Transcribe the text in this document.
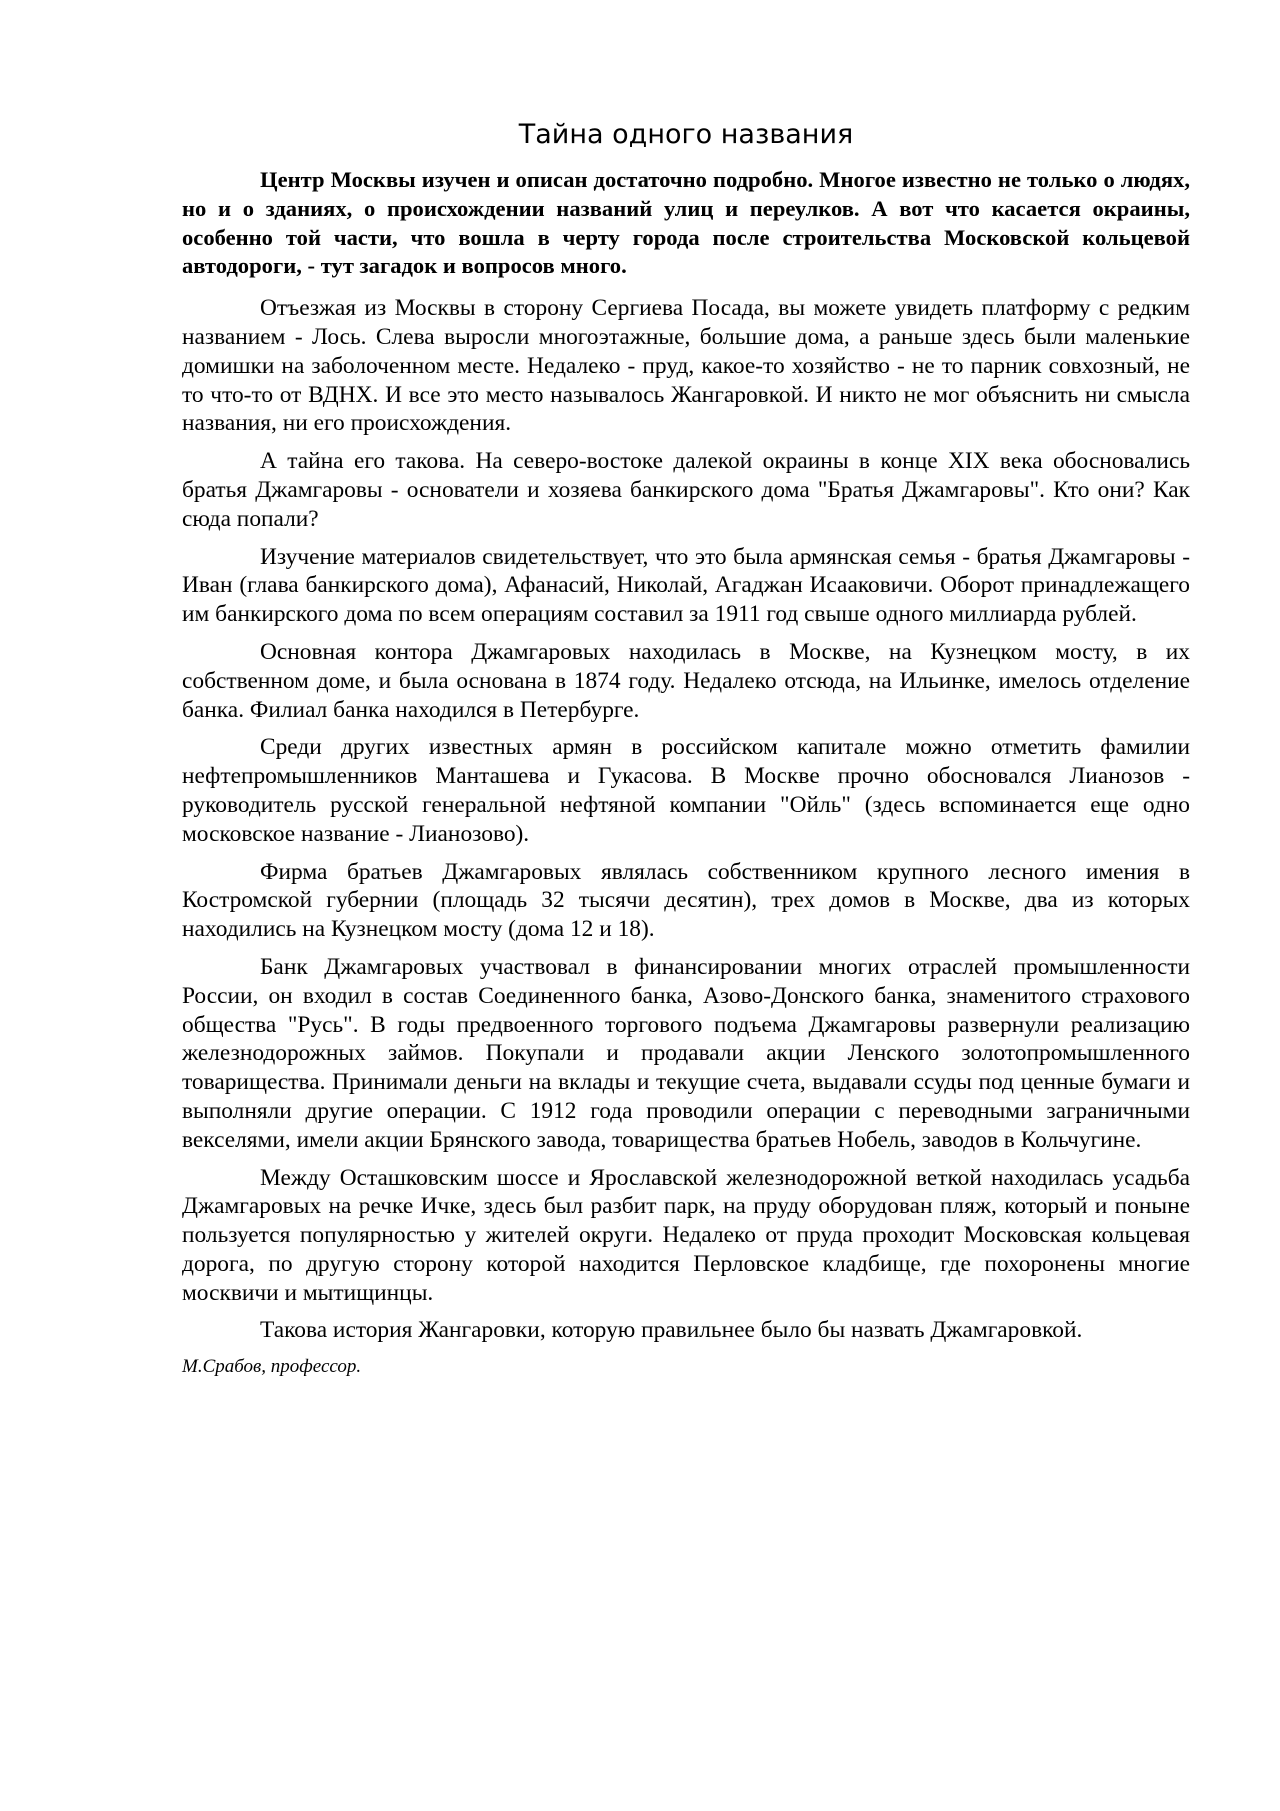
Тайна одного названия

Центр Москвы изучен и описан достаточно подробно. Многое известно не только о людях, но и о зданиях, о происхождении названий улиц и переулков. А вот что касается окраины, особенно той части, что вошла в черту города после строительства Московской кольцевой автодороги, - тут загадок и вопросов много.

Отъезжая из Москвы в сторону Сергиева Посада, вы можете увидеть платформу с редким названием - Лось. Слева выросли многоэтажные, большие дома, а раньше здесь были маленькие домишки на заболоченном месте. Недалеко - пруд, какое-то хозяйство - не то парник совхозный, не то что-то от ВДНХ. И все это место называлось Жангаровкой. И никто не мог объяснить ни смысла названия, ни его происхождения.

А тайна его такова. На северо-востоке далекой окраины в конце XIX века обосновались братья Джамгаровы - основатели и хозяева банкирского дома "Братья Джамгаровы". Кто они? Как сюда попали?

Изучение материалов свидетельствует, что это была армянская семья - братья Джамгаровы - Иван (глава банкирского дома), Афанасий, Николай, Агаджан Исааковичи. Оборот принадлежащего им банкирского дома по всем операциям составил за 1911 год свыше одного миллиарда рублей.

Основная контора Джамгаровых находилась в Москве, на Кузнецком мосту, в их собственном доме, и была основана в 1874 году. Недалеко отсюда, на Ильинке, имелось отделение банка. Филиал банка находился в Петербурге.

Среди других известных армян в российском капитале можно отметить фамилии нефтепромышленников Манташева и Гукасова. В Москве прочно обосновался Лианозов - руководитель русской генеральной нефтяной компании "Ойль" (здесь вспоминается еще одно московское название - Лианозово).

Фирма братьев Джамгаровых являлась собственником крупного лесного имения в Костромской губернии (площадь 32 тысячи десятин), трех домов в Москве, два из которых находились на Кузнецком мосту (дома 12 и 18).

Банк Джамгаровых участвовал в финансировании многих отраслей промышленности России, он входил в состав Соединенного банка, Азово-Донского банка, знаменитого страхового общества "Русь". В годы предвоенного торгового подъема Джамгаровы развернули реализацию железнодорожных займов. Покупали и продавали акции Ленского золотопромышленного товарищества. Принимали деньги на вклады и текущие счета, выдавали ссуды под ценные бумаги и выполняли другие операции. С 1912 года проводили операции с переводными заграничными векселями, имели акции Брянского завода, товарищества братьев Нобель, заводов в Кольчугине.

Между Осташковским шоссе и Ярославской железнодорожной веткой находилась усадьба Джамгаровых на речке Ичке, здесь был разбит парк, на пруду оборудован пляж, который и поныне пользуется популярностью у жителей округи. Недалеко от пруда проходит Московская кольцевая дорога, по другую сторону которой находится Перловское кладбище, где похоронены многие москвичи и мытищинцы.

Такова история Жангаровки, которую правильнее было бы назвать Джамгаровкой.

М.Срабов, профессор.
